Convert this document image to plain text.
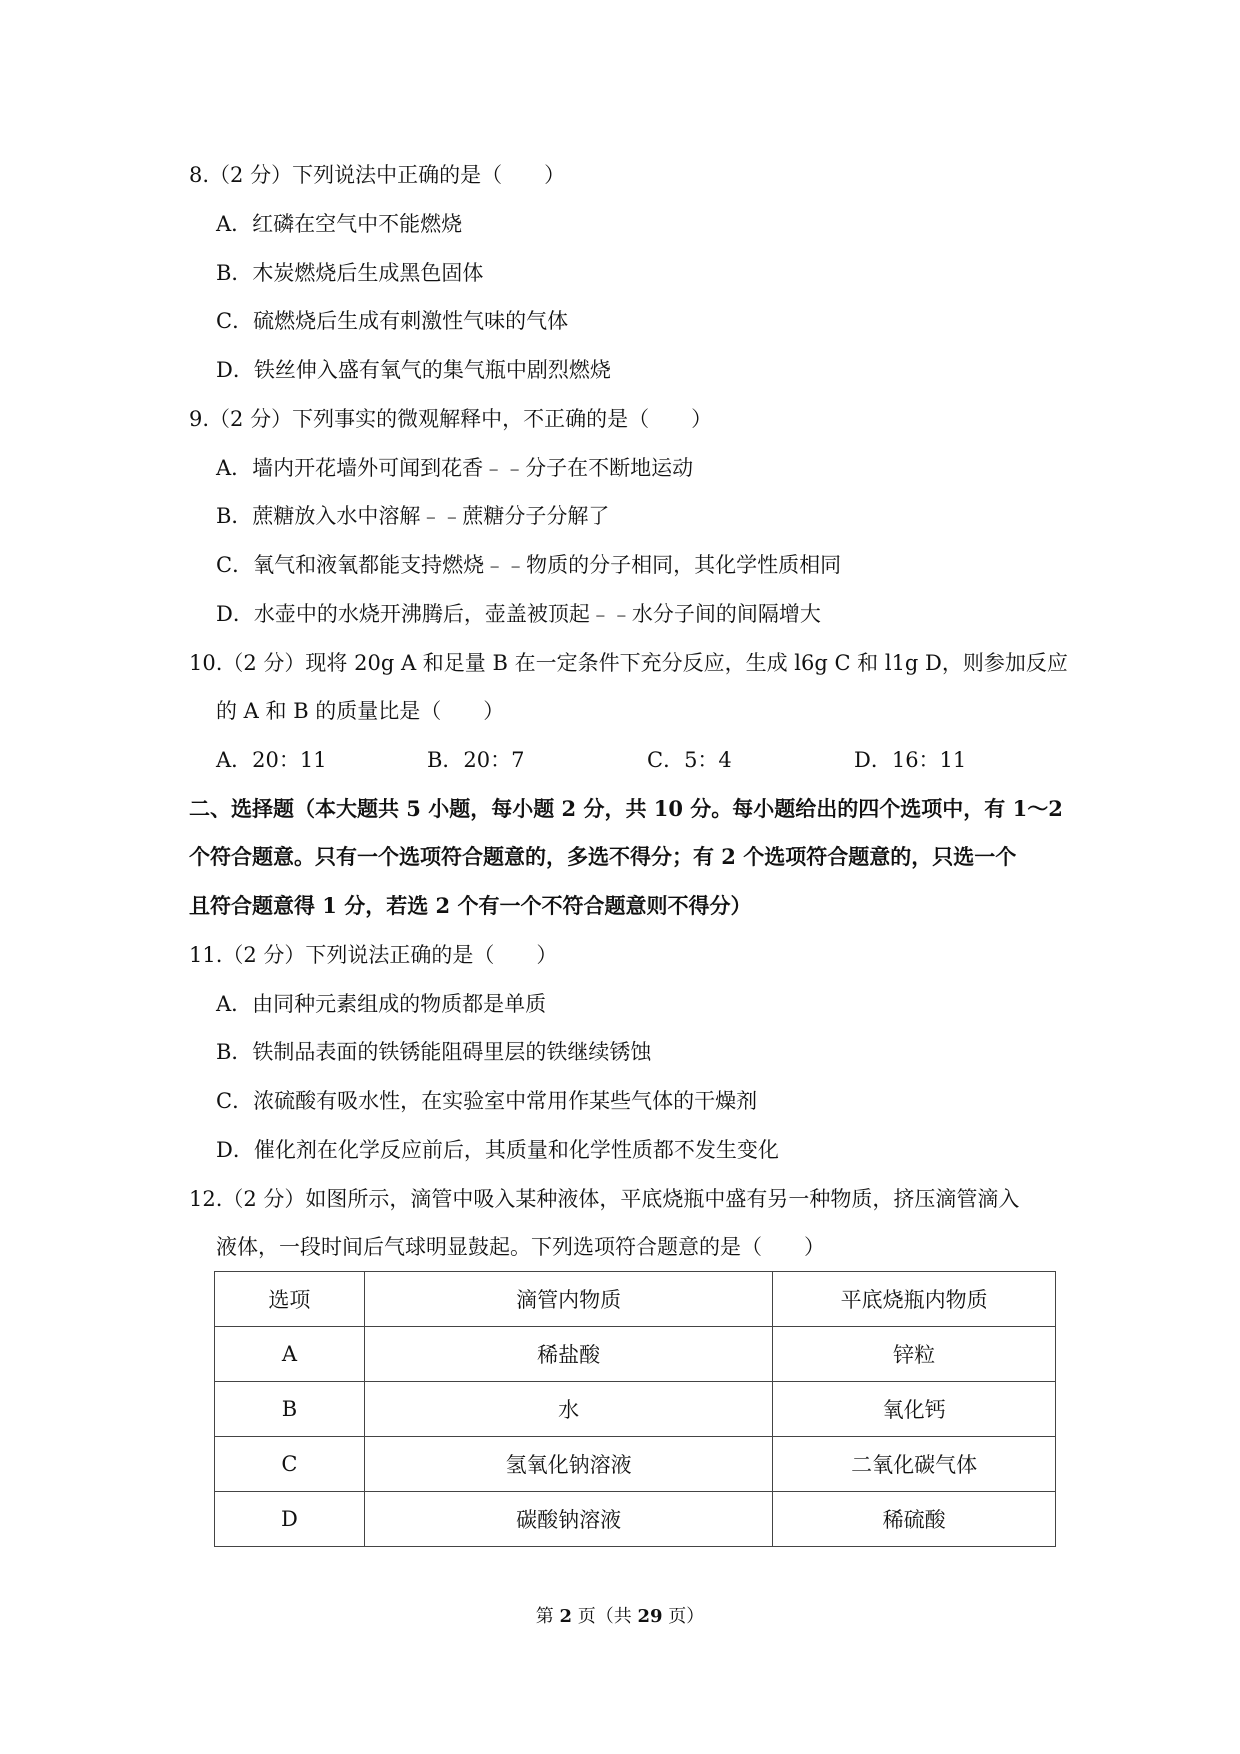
8.（2 分）下列说法中正确的是（　　）
A．红磷在空气中不能燃烧
B．木炭燃烧后生成黑色固体
C．硫燃烧后生成有刺激性气味的气体
D．铁丝伸入盛有氧气的集气瓶中剧烈燃烧
9.（2 分）下列事实的微观解释中，不正确的是（　　）
A．墙内开花墙外可闻到花香﹣﹣分子在不断地运动
B．蔗糖放入水中溶解﹣﹣蔗糖分子分解了
C．氧气和液氧都能支持燃烧﹣﹣物质的分子相同，其化学性质相同
D．水壶中的水烧开沸腾后，壶盖被顶起﹣﹣水分子间的间隔增大
10.（2 分）现将 20g A 和足量 B 在一定条件下充分反应，生成 l6g C 和 l1g D，则参加反应
的 A 和 B 的质量比是（　　）
A．20：11	B．20：7	C．5：4	D．16：11
二、选择题（本大题共 5 小题，每小题 2 分，共 10 分。每小题给出的四个选项中，有 1～2
个符合题意。只有一个选项符合题意的，多选不得分；有 2 个选项符合题意的，只选一个
且符合题意得 1 分，若选 2 个有一个不符合题意则不得分）
11.（2 分）下列说法正确的是（　　）
A．由同种元素组成的物质都是单质
B．铁制品表面的铁锈能阻碍里层的铁继续锈蚀
C．浓硫酸有吸水性，在实验室中常用作某些气体的干燥剂
D．催化剂在化学反应前后，其质量和化学性质都不发生变化
12.（2 分）如图所示，滴管中吸入某种液体，平底烧瓶中盛有另一种物质，挤压滴管滴入
液体，一段时间后气球明显鼓起。下列选项符合题意的是（　　）
选项	滴管内物质	平底烧瓶内物质
A	稀盐酸	锌粒
B	水	氧化钙
C	氢氧化钠溶液	二氧化碳气体
D	碳酸钠溶液	稀硫酸
第 2 页（共 29 页）
